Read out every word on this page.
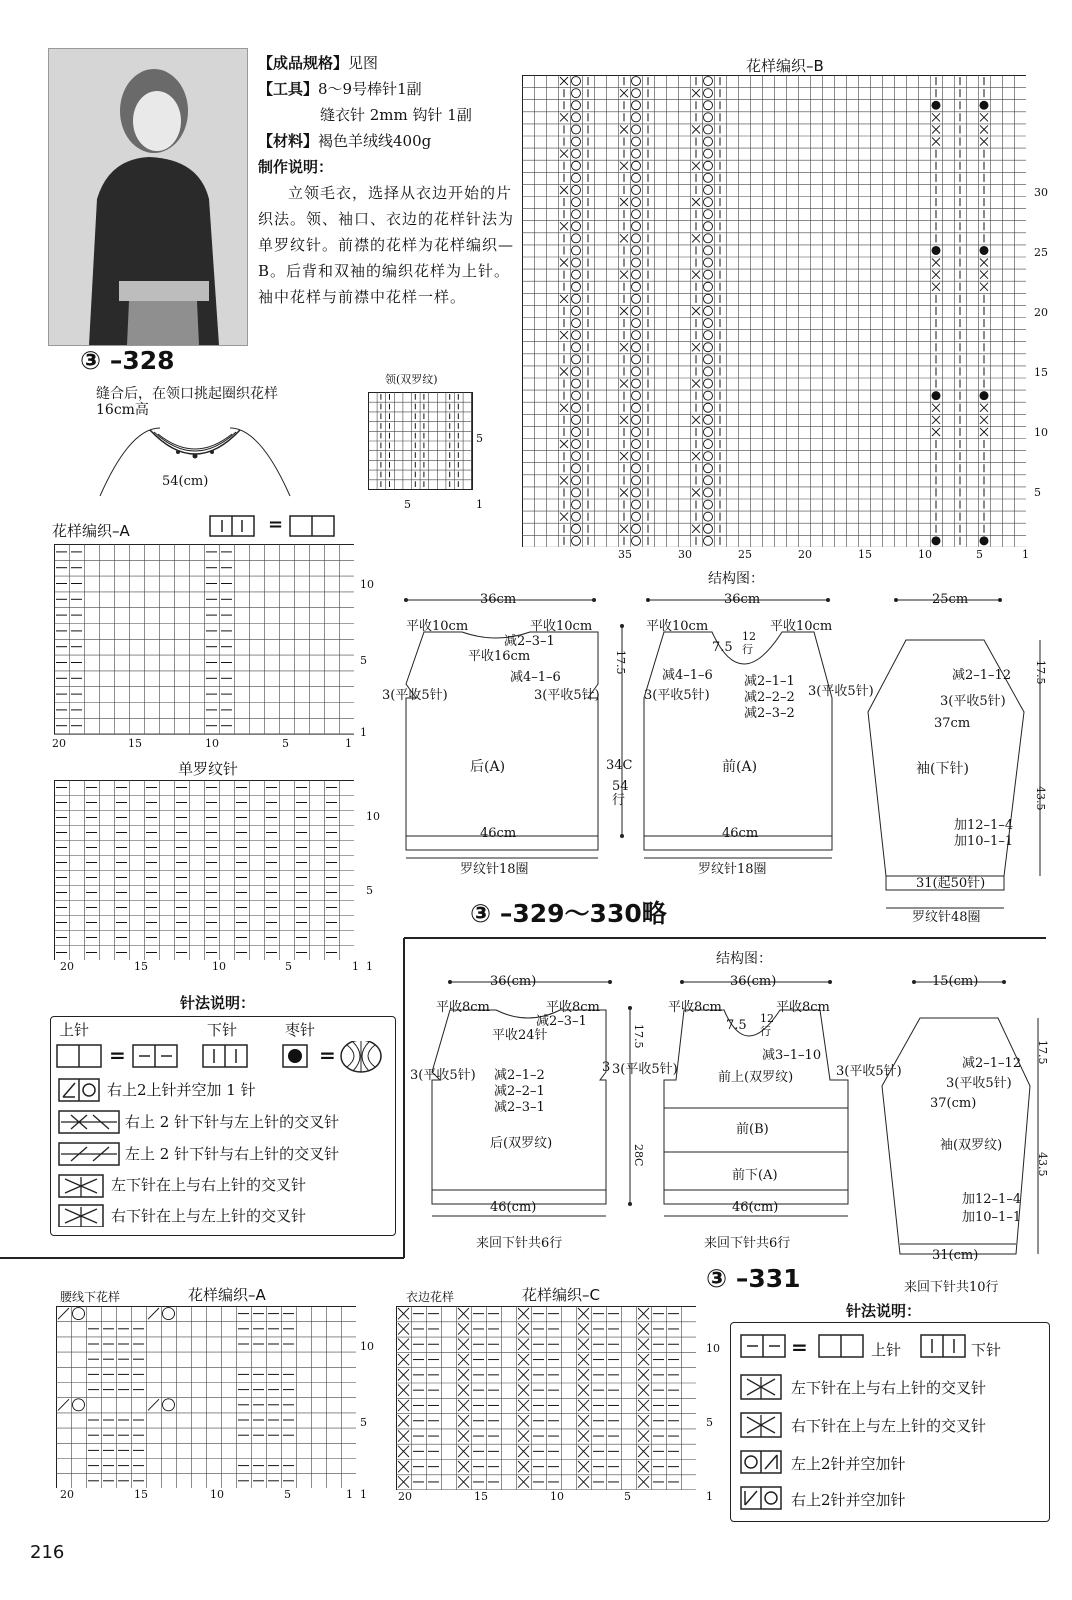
【成品规格】见图

【工具】8～9号棒针1副

缝衣针 2mm 钩针 1副

【材料】褐色羊绒线400g

制作说明：

立领毛衣，选择从衣边开始的片织法。领、袖口、衣边的花样针法为单罗纹针。前襟的花样为花样编织—B。后背和双袖的编织花样为上针。袖中花样与前襟中花样一样。

③ –328
缝合后，在领口挑起圈织花样16cm高
54(cm)
领(双罗纹)
5
5	1
花样编织–A	=
10
5
1
20	15	10	5	1
单罗纹针
10
5
1
20	15	10	5	1
针法说明：
上针	下针	枣针
=	=
右上2上针并空加 1 针
右上 2 针下针与左上针的交叉针
左上 2 针下针与右上针的交叉针
左下针在上与右上针的交叉针
右下针在上与左上针的交叉针
花样编织–B
30
25
20
15
10
5
35	30	25	20	15	10	5	1
结构图：
36cm	36cm	25cm
平收10cm	平收10cm
减2–3–1
平收16cm
减4–1–6
3(平收5针)	3(平收5针)
后(A)
46cm
罗纹针18圈
17.5
34C
54行
平收10cm	平收10cm
7.5
12行
减4–1–6
3(平收5针)
减2–1–1
减2–2–2
减2–3–2
3(平收5针)
前(A)
46cm
罗纹针18圈
减2–1–12
3(平收5针)
37cm
袖(下针)
加12–1–4
加10–1–1
31(起50针)
罗纹针48圈
17.5
43.5
③ –329～330略
结构图：
36(cm)	36(cm)	15(cm)
平收8cm	平收8cm
减2–3–1
平收24针
3(平收5针) 减2–1–2
减2–2–1
减2–3–1
3
后(双罗纹)
46(cm)
来回下针共6行
17.5
28C
平收8cm	平收8cm
7.5 12行
减3–1–10
3(平收5针)	3(平收5针)
前上(双罗纹)
前(B)
前下(A)
46(cm)
来回下针共6行
减2–1–12
3(平收5针)
37(cm)
袖(双罗纹)
加12–1–4
加10–1–1
31(cm)
来回下针共10行
17.5
43.5
③ –331
腰线下花样	花样编织–A
10
5
1
20	15	10	5	1
衣边花样	花样编织–C
10
5
1
20	15	10	5
针法说明：
=	上针	下针
左下针在上与右上针的交叉针
右下针在上与左上针的交叉针
左上2针并空加针
右上2针并空加针
216
